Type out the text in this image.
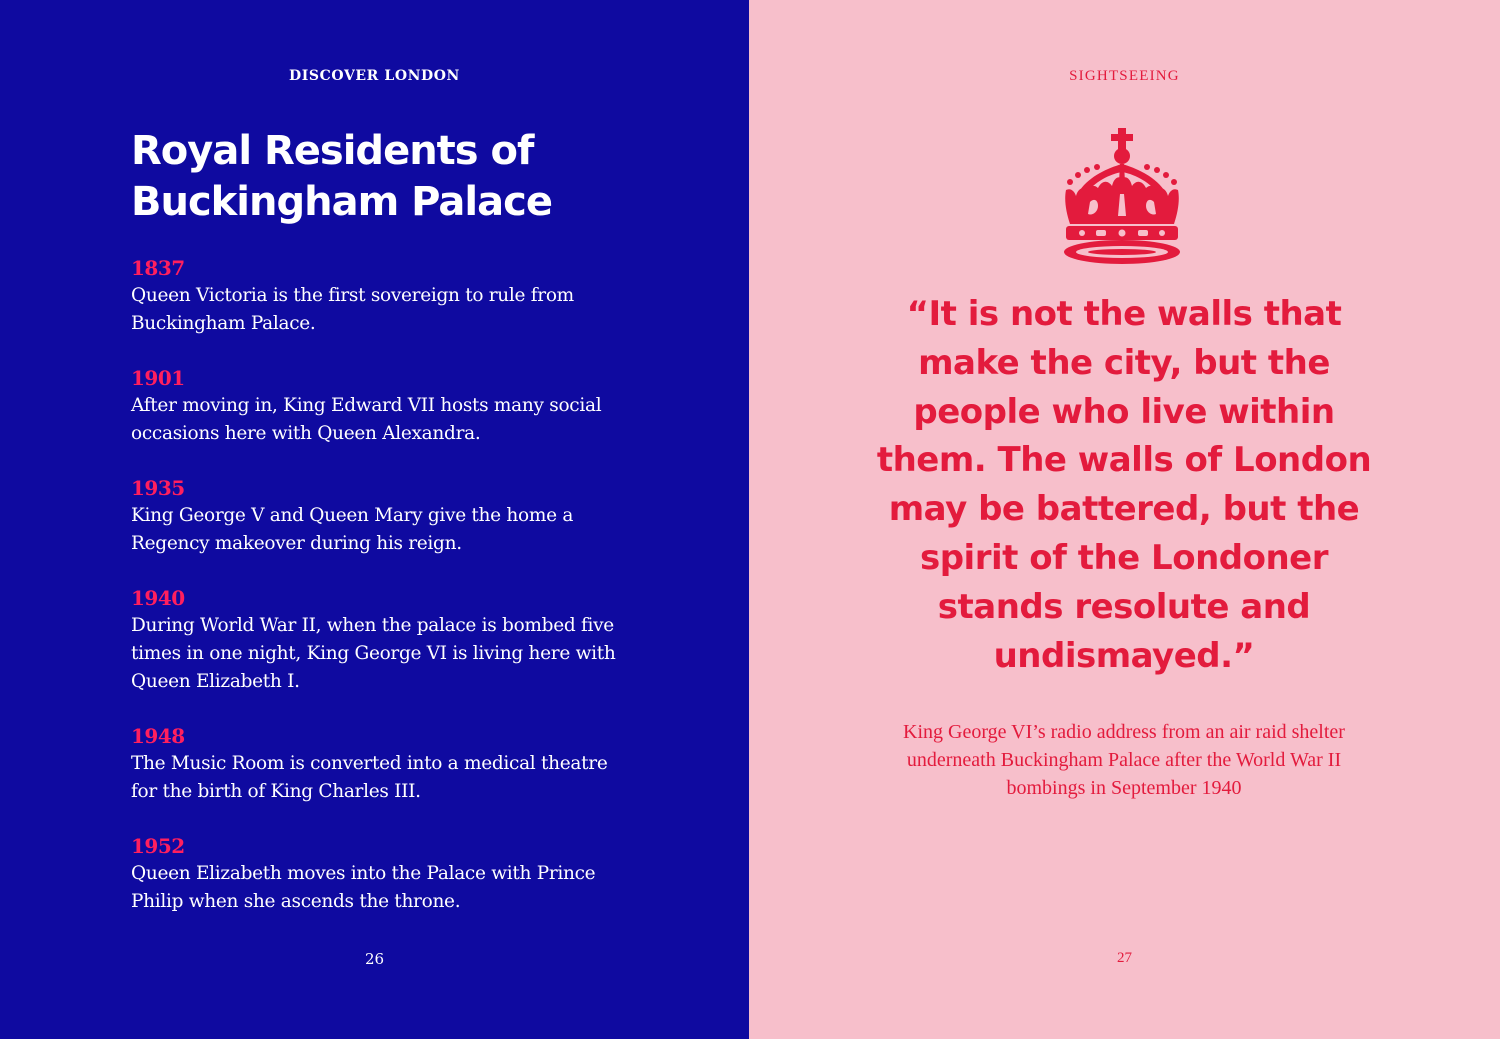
DISCOVER LONDON
Royal Residents of Buckingham Palace
1837
Queen Victoria is the first sovereign to rule from Buckingham Palace.
1901
After moving in, King Edward VII hosts many social occasions here with Queen Alexandra.
1935
King George V and Queen Mary give the home a Regency makeover during his reign.
1940
During World War II, when the palace is bombed five times in one night, King George VI is living here with Queen Elizabeth I.
1948
The Music Room is converted into a medical theatre for the birth of King Charles III.
1952
Queen Elizabeth moves into the Palace with Prince Philip when she ascends the throne.
26
SIGHTSEEING

“It is not the walls that make the city, but the people who live within them. The walls of London may be battered, but the spirit of the Londoner stands resolute and undismayed.”

King George VI’s radio address from an air raid shelter underneath Buckingham Palace after the World War II bombings in September 1940

27
